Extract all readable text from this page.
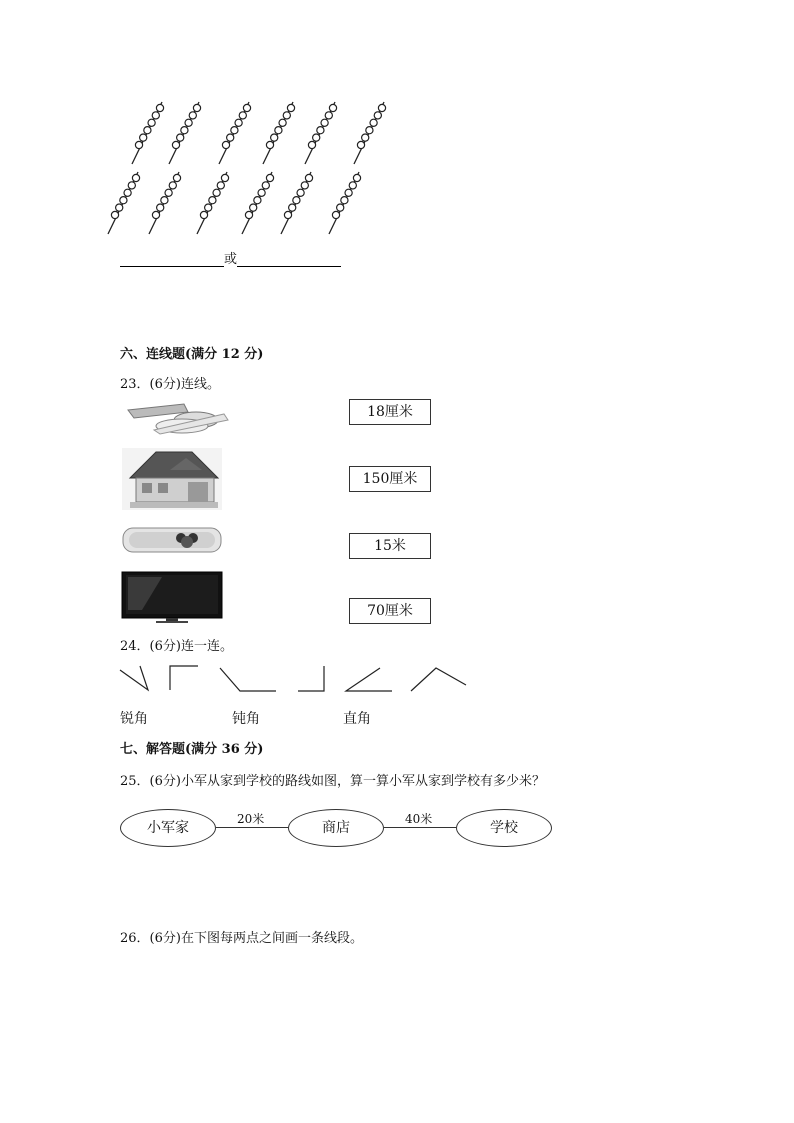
或
六、连线题(满分 12 分)
23．(6分)连线。
18厘米
150厘米
15米
70厘米
24．(6分)连一连。
锐角	钝角	直角
七、解答题(满分 36 分)
25．(6分)小军从家到学校的路线如图，算一算小军从家到学校有多少米？
小军家
20米
商店
40米
学校
26．(6分)在下图每两点之间画一条线段。
